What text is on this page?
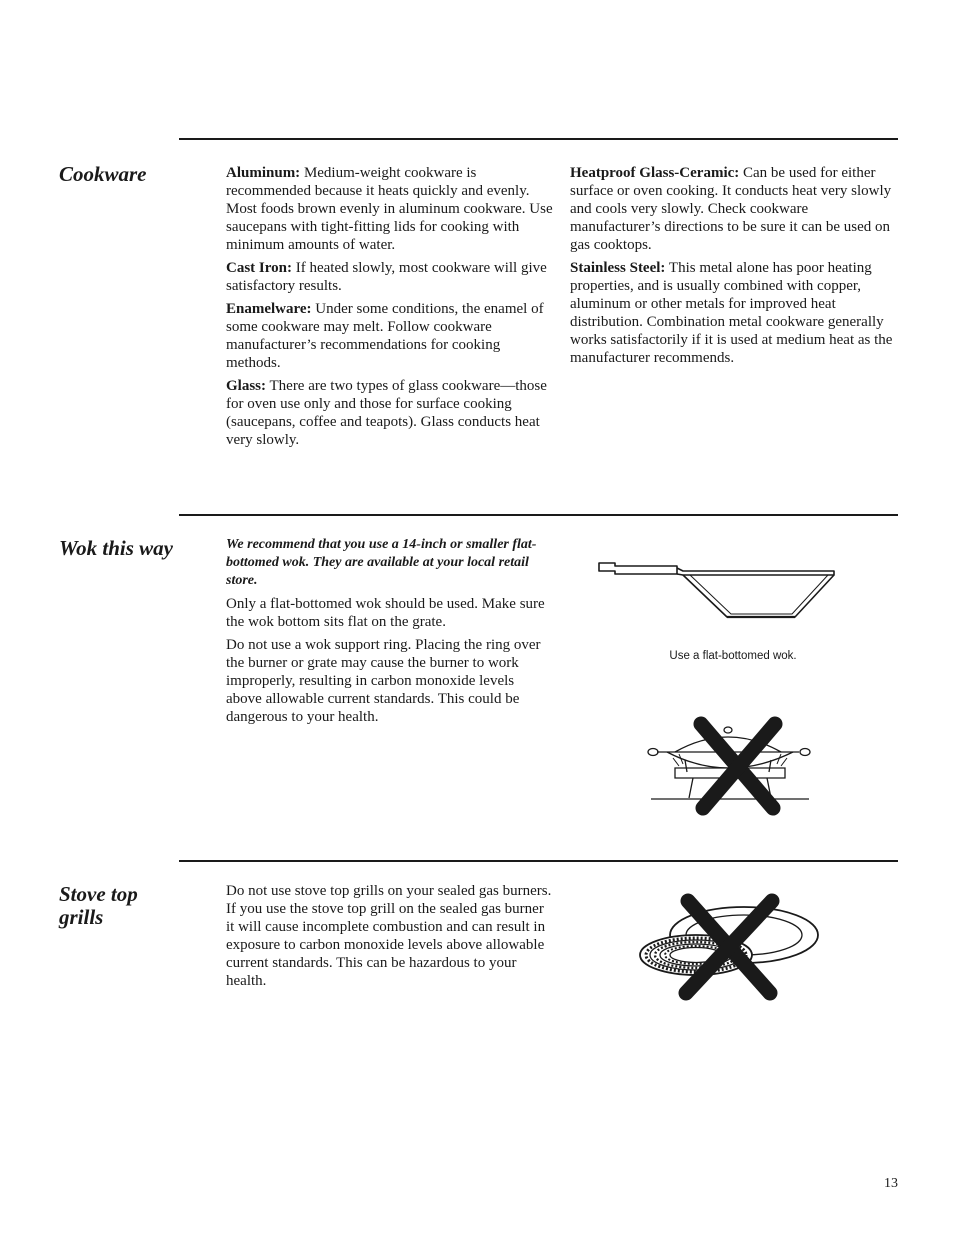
Cookware	Aluminum: Medium-weight cookware is recommended because it heats quickly and evenly. Most foods brown evenly in aluminum cookware. Use saucepans with tight-fitting lids for cooking with minimum amounts of water.

Cast Iron: If heated slowly, most cookware will give satisfactory results.

Enamelware: Under some conditions, the enamel of some cookware may melt. Follow cookware manufacturer’s recommendations for cooking methods.

Glass: There are two types of glass cookware—those for oven use only and those for surface cooking (saucepans, coffee and teapots). Glass conducts heat very slowly.

Heatproof Glass-Ceramic: Can be used for either surface or oven cooking. It conducts heat very slowly and cools very slowly. Check cookware manufacturer’s directions to be sure it can be used on gas cooktops.

Stainless Steel: This metal alone has poor heating properties, and is usually combined with copper, aluminum or other metals for improved heat distribution. Combination metal cookware generally works satisfactorily if it is used at medium heat as the manufacturer recommends.

Wok this way	We recommend that you use a 14-inch or smaller flat-bottomed wok. They are available at your local retail store.

Only a flat-bottomed wok should be used. Make sure the wok bottom sits flat on the grate.

Do not use a wok support ring. Placing the ring over the burner or grate may cause the burner to work improperly, resulting in carbon monoxide levels above allowable current standards. This could be dangerous to your health.

Use a flat-bottomed wok.
Stove top grills

Do not use stove top grills on your sealed gas burners. If you use the stove top grill on the sealed gas burner it will cause incomplete combustion and can result in exposure to carbon monoxide levels above allowable current standards. This can be hazardous to your health.

13
